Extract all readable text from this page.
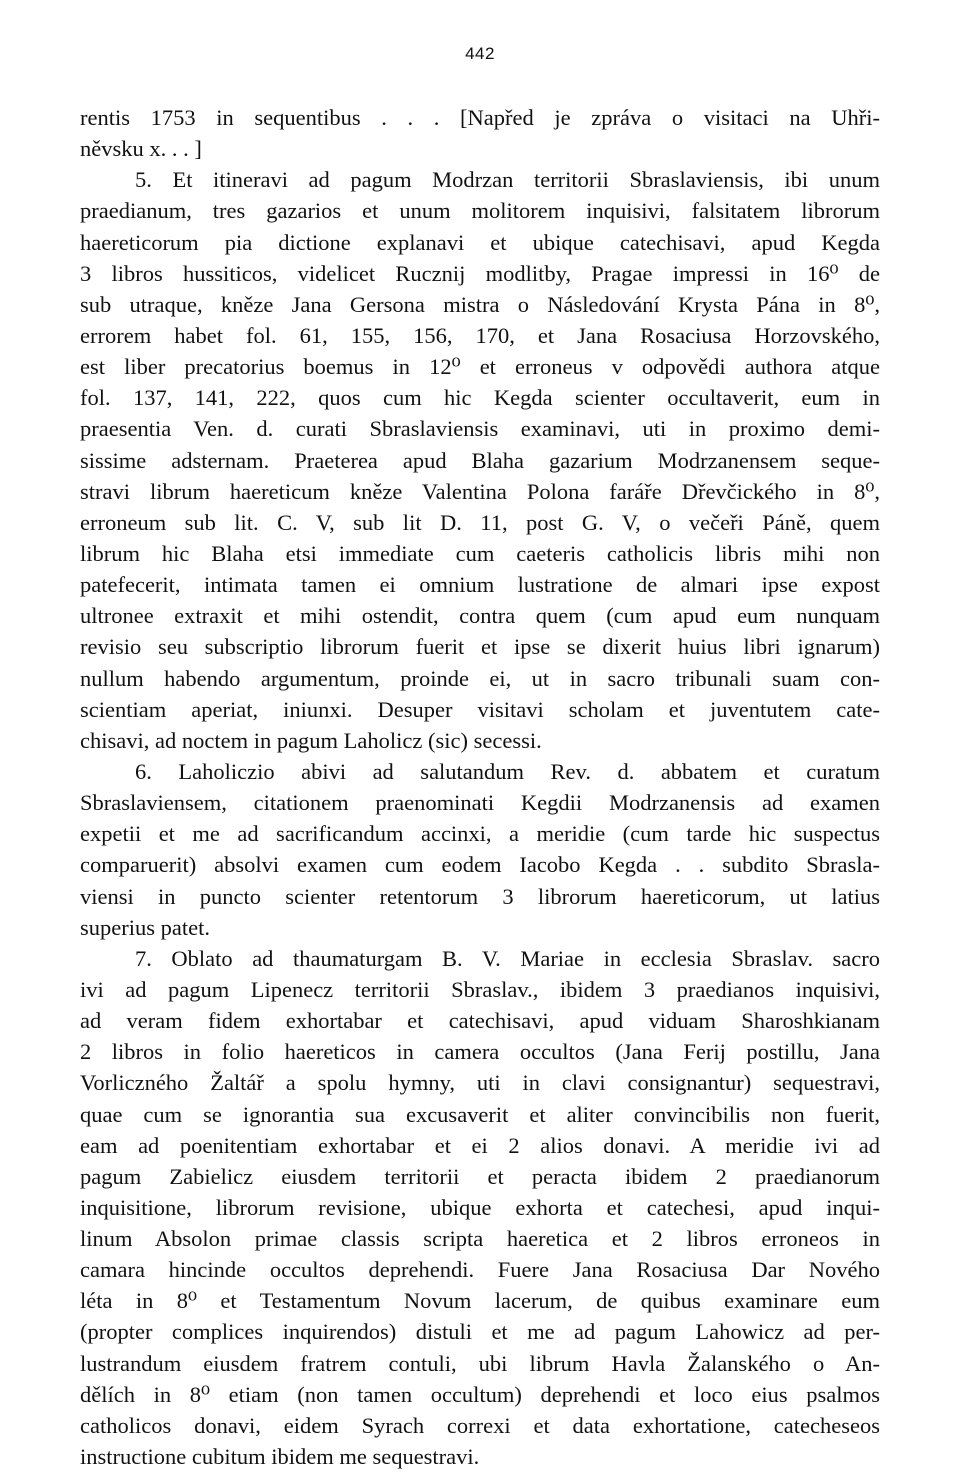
442
rentis 1753 in sequentibus . . . [Napřed je zpráva o visitaci na Uhři-
něvsku x. . . ]
5. Et itineravi ad pagum Modrzan territorii Sbraslaviensis, ibi unum
praedianum, tres gazarios et unum molitorem inquisivi, falsitatem librorum
haereticorum pia dictione explanavi et ubique catechisavi, apud Kegda
3 libros hussiticos, videlicet Rucznij modlitby, Pragae impressi in 16⁰ de
sub utraque, kněze Jana Gersona mistra o Následování Krysta Pána in 8⁰,
errorem habet fol. 61, 155, 156, 170, et Jana Rosaciusa Horzovského,
est liber precatorius boemus in 12⁰ et erroneus v odpovědi authora atque
fol. 137, 141, 222, quos cum hic Kegda scienter occultaverit, eum in
praesentia Ven. d. curati Sbraslaviensis examinavi, uti in proximo demi-
sissime adsternam. Praeterea apud Blaha gazarium Modrzanensem seque-
stravi librum haereticum kněze Valentina Polona faráře Dřevčického in 8⁰,
erroneum sub lit. C. V, sub lit D. 11, post G. V, o večeři Páně, quem
librum hic Blaha etsi immediate cum caeteris catholicis libris mihi non
patefecerit, intimata tamen ei omnium lustratione de almari ipse expost
ultronee extraxit et mihi ostendit, contra quem (cum apud eum nunquam
revisio seu subscriptio librorum fuerit et ipse se dixerit huius libri ignarum)
nullum habendo argumentum, proinde ei, ut in sacro tribunali suam con-
scientiam aperiat, iniunxi. Desuper visitavi scholam et juventutem cate-
chisavi, ad noctem in pagum Laholicz (sic) secessi.
6. Laholiczio abivi ad salutandum Rev. d. abbatem et curatum
Sbraslaviensem, citationem praenominati Kegdii Modrzanensis ad examen
expetii et me ad sacrificandum accinxi, a meridie (cum tarde hic suspectus
comparuerit) absolvi examen cum eodem Iacobo Kegda . . subdito Sbrasla-
viensi in puncto scienter retentorum 3 librorum haereticorum, ut latius
superius patet.
7. Oblato ad thaumaturgam B. V. Mariae in ecclesia Sbraslav. sacro
ivi ad pagum Lipenecz territorii Sbraslav., ibidem 3 praedianos inquisivi,
ad veram fidem exhortabar et catechisavi, apud viduam Sharoshkianam
2 libros in folio haereticos in camera occultos (Jana Ferij postillu, Jana
Vorliczného Žaltář a spolu hymny, uti in clavi consignantur) sequestravi,
quae cum se ignorantia sua excusaverit et aliter convincibilis non fuerit,
eam ad poenitentiam exhortabar et ei 2 alios donavi. A meridie ivi ad
pagum Zabielicz eiusdem territorii et peracta ibidem 2 praedianorum
inquisitione, librorum revisione, ubique exhorta et catechesi, apud inqui-
linum Absolon primae classis scripta haeretica et 2 libros erroneos in
camara hincinde occultos deprehendi. Fuere Jana Rosaciusa Dar Nového
léta in 8⁰ et Testamentum Novum lacerum, de quibus examinare eum
(propter complices inquirendos) distuli et me ad pagum Lahowicz ad per-
lustrandum eiusdem fratrem contuli, ubi librum Havla Žalanského o An-
dělích in 8⁰ etiam (non tamen occultum) deprehendi et loco eius psalmos
catholicos donavi, eidem Syrach correxi et data exhortatione, catecheseos
instructione cubitum ibidem me sequestravi.
